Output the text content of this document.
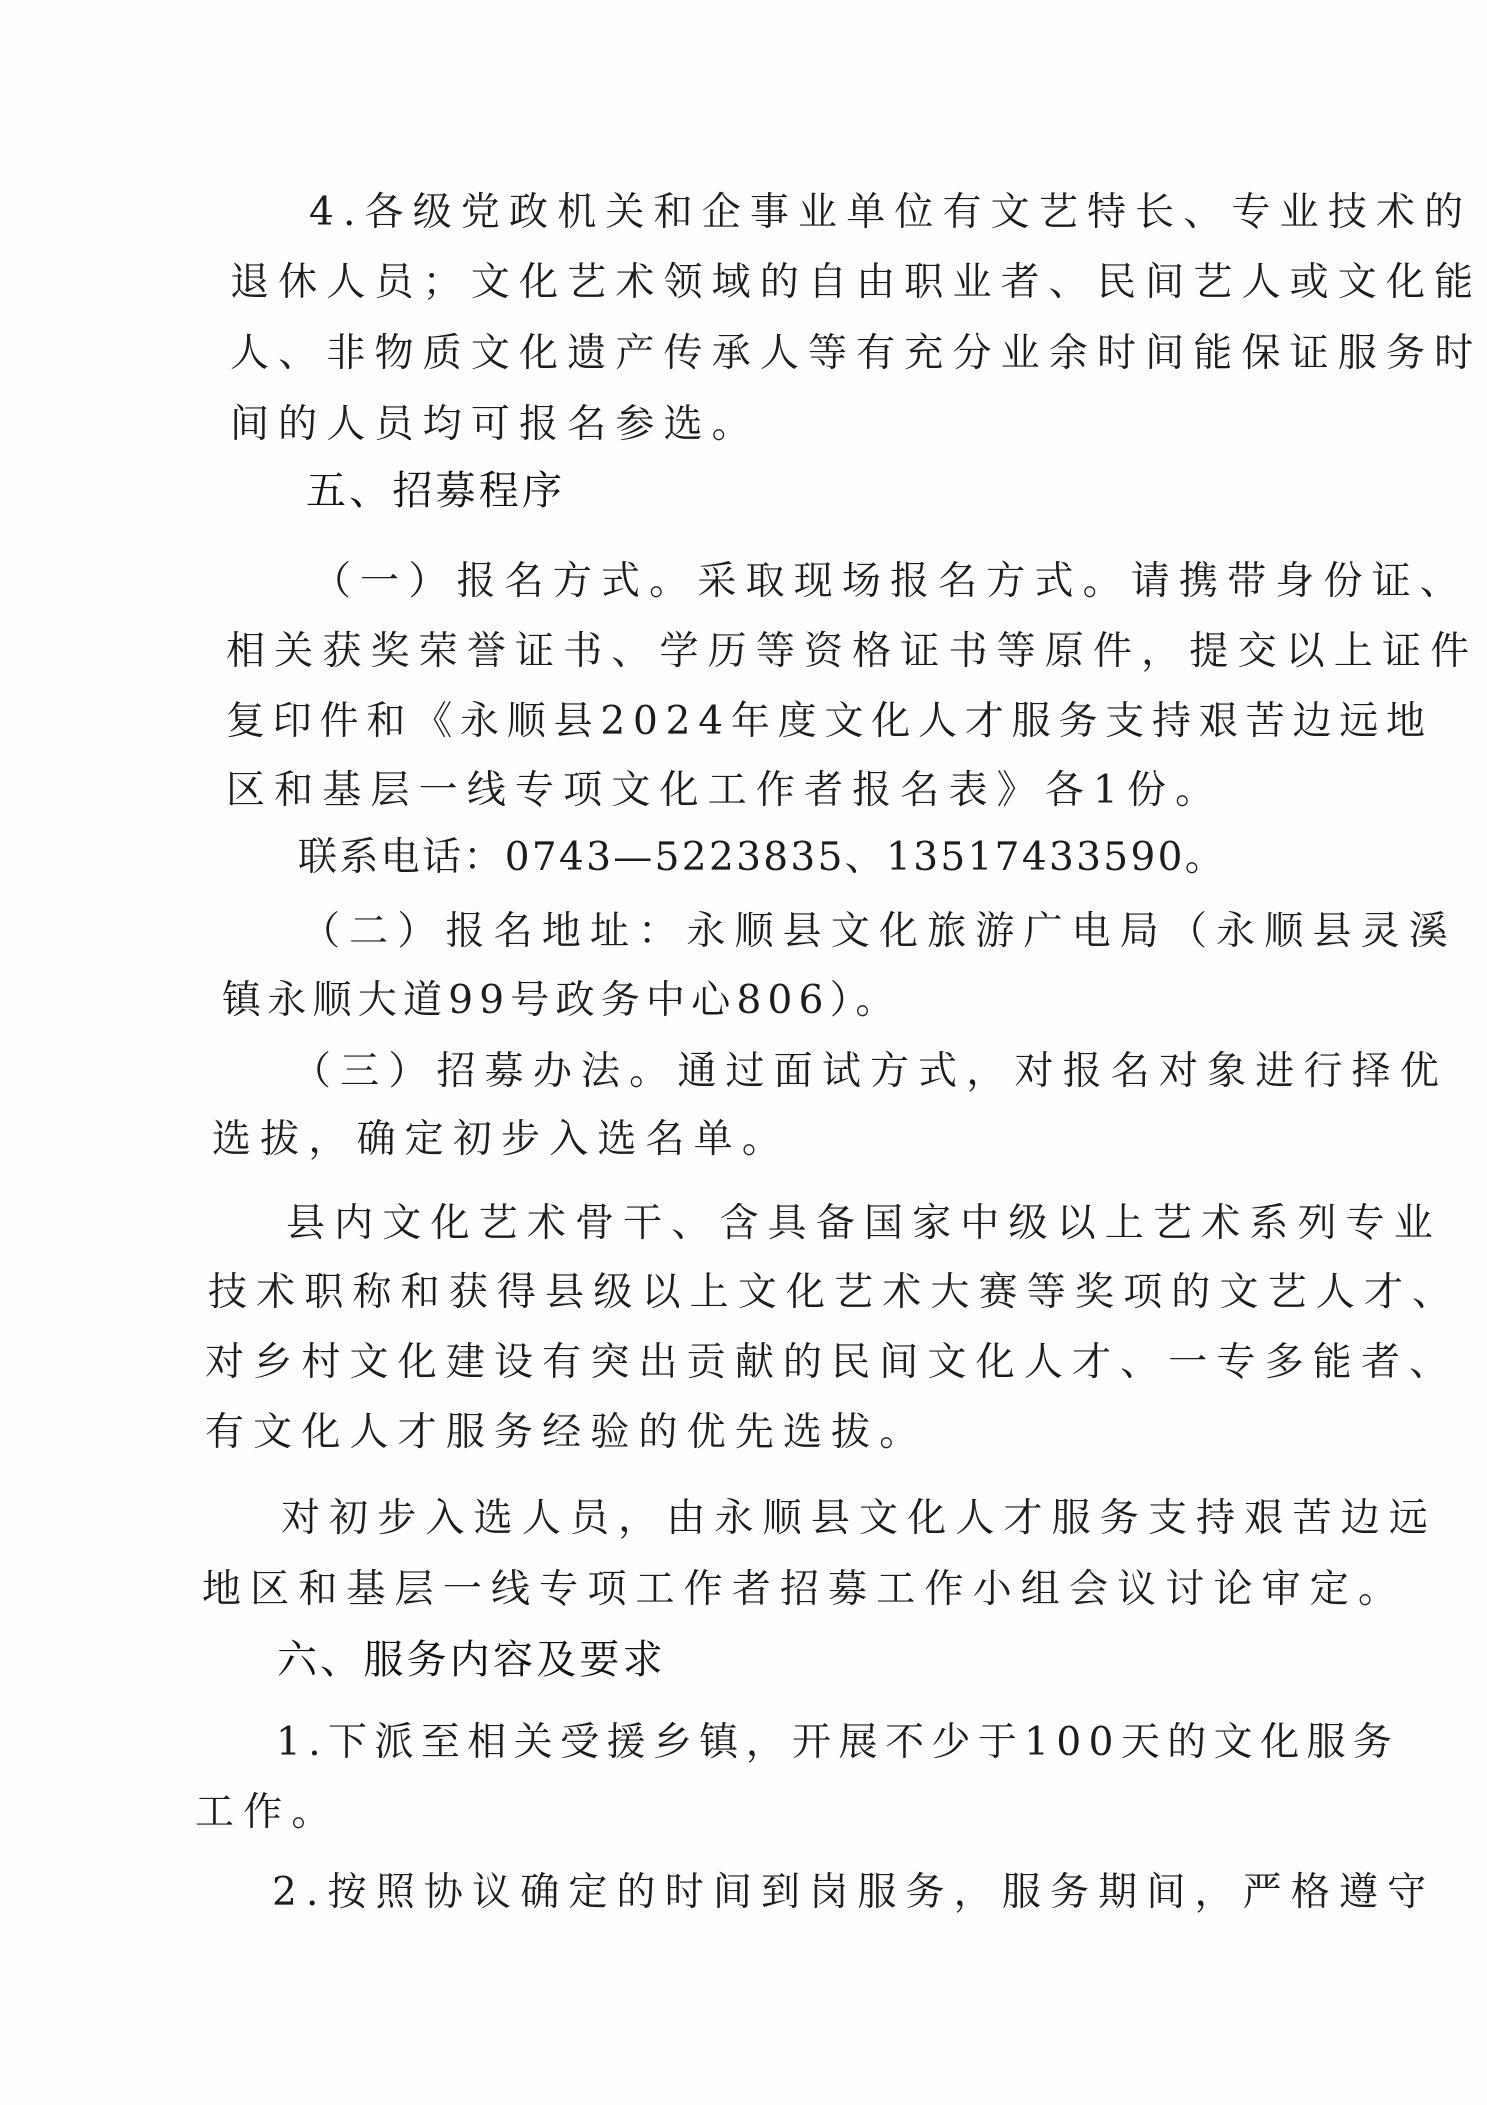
4.各级党政机关和企事业单位有文艺特长、专业技术的
退休人员；文化艺术领域的自由职业者、民间艺人或文化能
人、非物质文化遗产传承人等有充分业余时间能保证服务时
间的人员均可报名参选。
五、招募程序
（一）报名方式。采取现场报名方式。请携带身份证、
相关获奖荣誉证书、学历等资格证书等原件，提交以上证件
复印件和《永顺县2024年度文化人才服务支持艰苦边远地
区和基层一线专项文化工作者报名表》各1份。
联系电话：0743—5223835、13517433590。
（二）报名地址：永顺县文化旅游广电局（永顺县灵溪
镇永顺大道99号政务中心806）。
（三）招募办法。通过面试方式，对报名对象进行择优
选拔，确定初步入选名单。
县内文化艺术骨干、含具备国家中级以上艺术系列专业
技术职称和获得县级以上文化艺术大赛等奖项的文艺人才、
对乡村文化建设有突出贡献的民间文化人才、一专多能者、
有文化人才服务经验的优先选拔。
对初步入选人员，由永顺县文化人才服务支持艰苦边远
地区和基层一线专项工作者招募工作小组会议讨论审定。
六、服务内容及要求
1.下派至相关受援乡镇，开展不少于100天的文化服务
工作。
2.按照协议确定的时间到岗服务，服务期间，严格遵守
